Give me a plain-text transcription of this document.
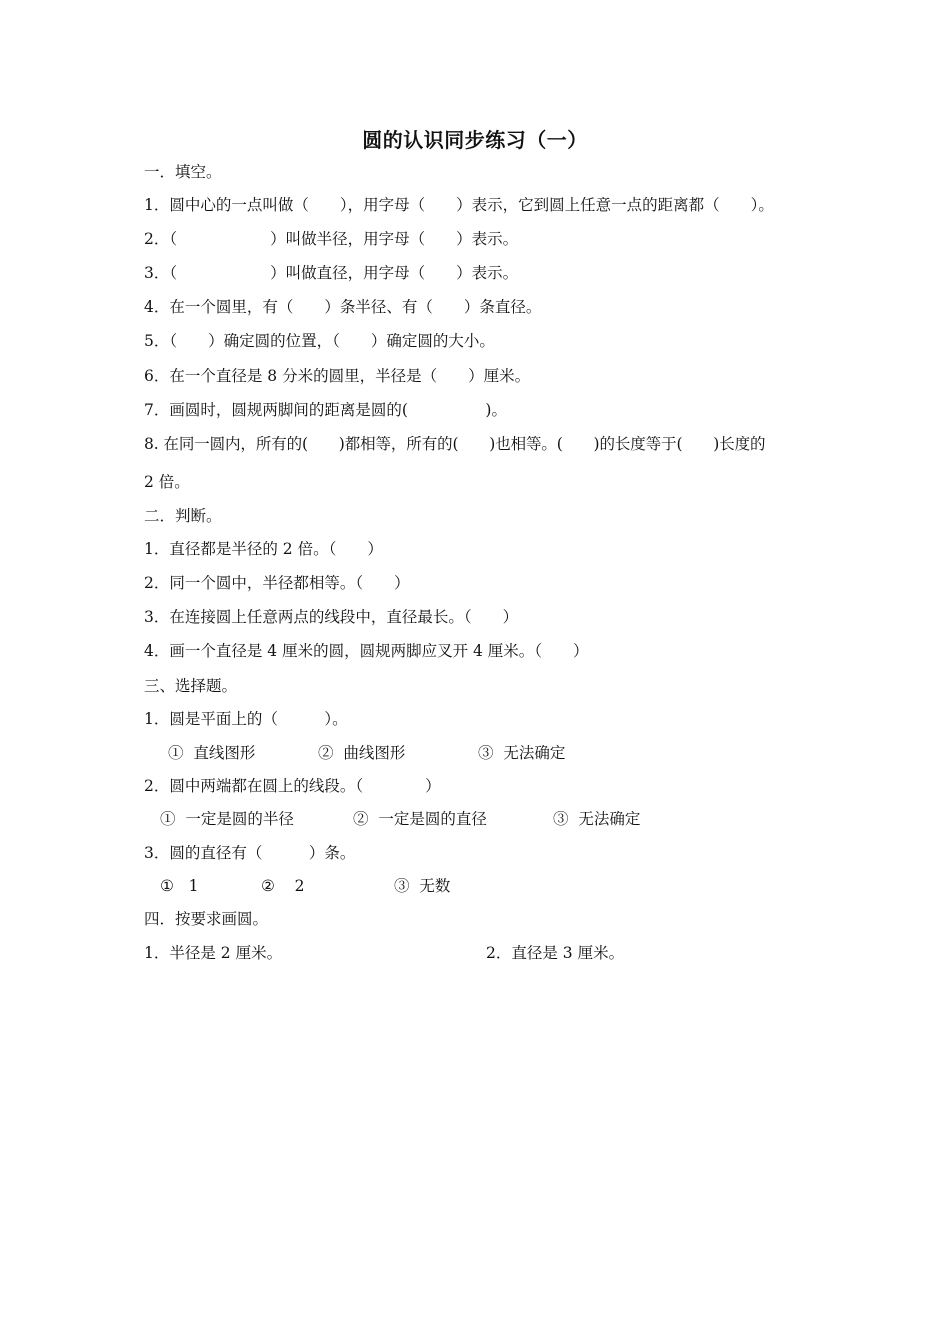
圆的认识同步练习（一）
一．填空。
1．圆中心的一点叫做（　　），用字母（　　）表示，它到圆上任意一点的距离都（　　）。
2．（　　　　　　）叫做半径，用字母（　　）表示。
3．（　　　　　　）叫做直径，用字母（　　）表示。
4．在一个圆里，有（　　）条半径、有（　　）条直径。
5．（　　）确定圆的位置，（　　）确定圆的大小。
6．在一个直径是 8 分米的圆里，半径是（　　）厘米。
7．画圆时，圆规两脚间的距离是圆的(　　　　　)。
8. 在同一圆内，所有的(　　)都相等，所有的(　　)也相等。(　　)的长度等于(　　)长度的
2 倍。
二．判断。
1．直径都是半径的 2 倍。（　　）
2．同一个圆中，半径都相等。（　　）
3．在连接圆上任意两点的线段中，直径最长。（　　）
4．画一个直径是 4 厘米的圆，圆规两脚应叉开 4 厘米。（　　）
三、选择题。
1．圆是平面上的（　　　）。
①  直线图形	②  曲线图形	③  无法确定
2．圆中两端都在圆上的线段。（　　　　）
①  一定是圆的半径	②  一定是圆的直径	③  无法确定
3．圆的直径有（　　　）条。
①   1	②    2	③  无数
四．按要求画圆。
1．半径是 2 厘米。	2．直径是 3 厘米。
